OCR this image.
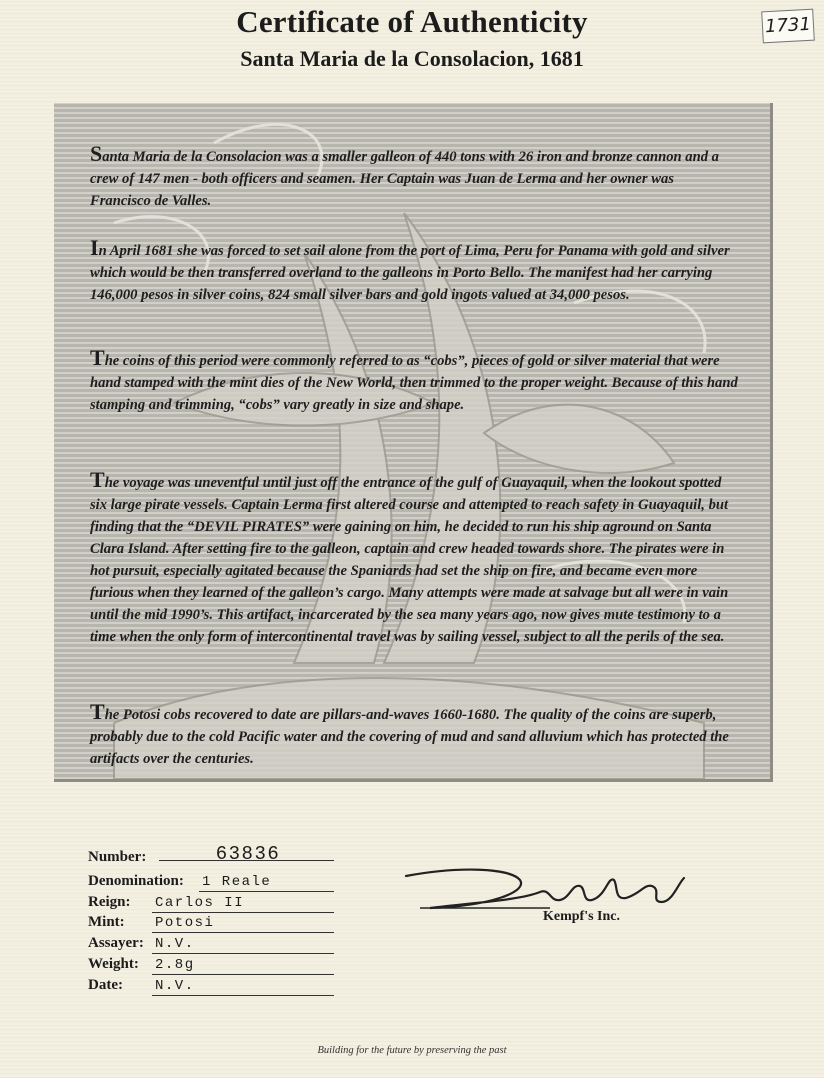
Certificate of Authenticity
Santa Maria de la Consolacion, 1681
1731
Santa Maria de la Consolacion was a smaller galleon of 440 tons with 26 iron and bronze cannon and a crew of 147 men - both officers and seamen. Her Captain was Juan de Lerma and her owner was Francisco de Valles.
In April 1681 she was forced to set sail alone from the port of Lima, Peru for Panama with gold and silver which would be then transferred overland to the galleons in Porto Bello. The manifest had her carrying 146,000 pesos in silver coins, 824 small silver bars and gold ingots valued at 34,000 pesos.
The coins of this period were commonly referred to as “cobs”, pieces of gold or silver material that were hand stamped with the mint dies of the New World, then trimmed to the proper weight. Because of this hand stamping and trimming, “cobs” vary greatly in size and shape.
The voyage was uneventful until just off the entrance of the gulf of Guayaquil, when the lookout spotted six large pirate vessels. Captain Lerma first altered course and attempted to reach safety in Guayaquil, but finding that the “DEVIL PIRATES” were gaining on him, he decided to run his ship aground on Santa Clara Island. After setting fire to the galleon, captain and crew headed towards shore. The pirates were in hot pursuit, especially agitated because the Spaniards had set the ship on fire, and became even more furious when they learned of the galleon’s cargo. Many attempts were made at salvage but all were in vain until the mid 1990’s. This artifact, incarcerated by the sea many years ago, now gives mute testimony to a time when the only form of intercontinental travel was by sailing vessel, subject to all the perils of the sea.
The Potosi cobs recovered to date are pillars-and-waves 1660-1680. The quality of the coins are superb, probably due to the cold Pacific water and the covering of mud and sand alluvium which has protected the artifacts over the centuries.
Number:	63836
Denomination: 1 Reale
Reign: Carlos II
Mint: Potosi
Assayer: N.V.
Weight: 2.8g
Date: N.V.
Kempf's Inc.
Building for the future by preserving the past
